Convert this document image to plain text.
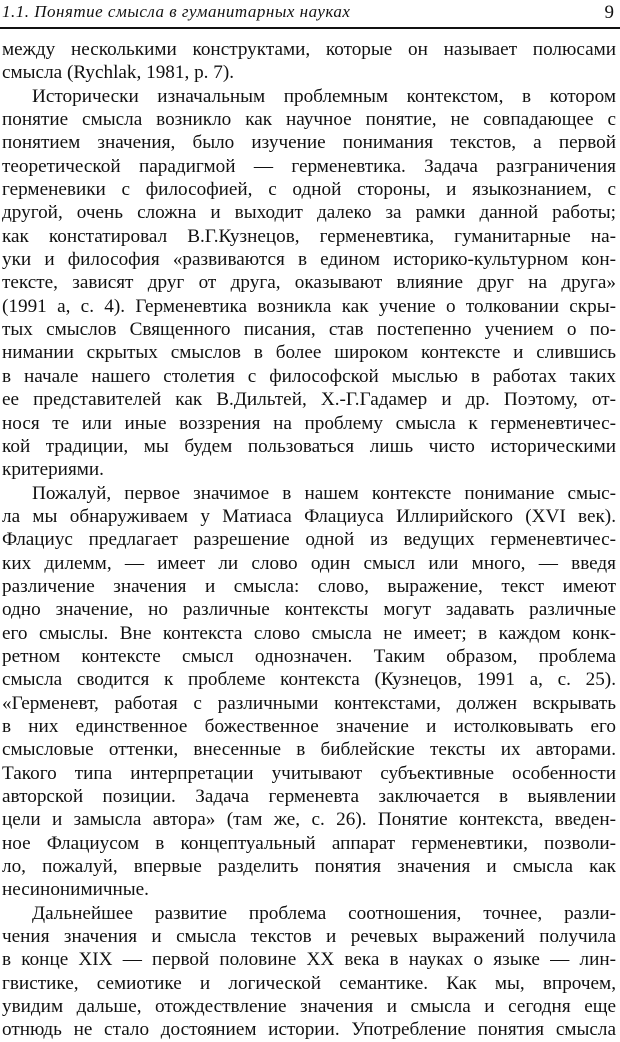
1.1. Понятие смысла в гуманитарных науках	9
между несколькими конструктами, которые он называет полюсами
смысла (Rychlak, 1981, p. 7).
Исторически изначальным проблемным контекстом, в котором
понятие смысла возникло как научное понятие, не совпадающее с
понятием значения, было изучение понимания текстов, а первой
теоретической парадигмой — герменевтика. Задача разграничения
герменевики с философией, с одной стороны, и языкознанием, с
другой, очень сложна и выходит далеко за рамки данной работы;
как констатировал В.Г.Кузнецов, герменевтика, гуманитарные на-
уки и философия «развиваются в едином историко-культурном кон-
тексте, зависят друг от друга, оказывают влияние друг на друга»
(1991 а, с. 4). Герменевтика возникла как учение о толковании скры-
тых смыслов Священного писания, став постепенно учением о по-
нимании скрытых смыслов в более широком контексте и слившись
в начале нашего столетия с философской мыслью в работах таких
ее представителей как В.Дильтей, Х.-Г.Гадамер и др. Поэтому, от-
нося те или иные воззрения на проблему смысла к герменевтичес-
кой традиции, мы будем пользоваться лишь чисто историческими
критериями.
Пожалуй, первое значимое в нашем контексте понимание смыс-
ла мы обнаруживаем у Матиаса Флациуса Иллирийского (XVI век).
Флациус предлагает разрешение одной из ведущих герменевтичес-
ких дилемм, — имеет ли слово один смысл или много, — введя
различение значения и смысла: слово, выражение, текст имеют
одно значение, но различные контексты могут задавать различные
его смыслы. Вне контекста слово смысла не имеет; в каждом конк-
ретном контексте смысл однозначен. Таким образом, проблема
смысла сводится к проблеме контекста (Кузнецов, 1991 а, с. 25).
«Герменевт, работая с различными контекстами, должен вскрывать
в них единственное божественное значение и истолковывать его
смысловые оттенки, внесенные в библейские тексты их авторами.
Такого типа интерпретации учитывают субъективные особенности
авторской позиции. Задача герменевта заключается в выявлении
цели и замысла автора» (там же, с. 26). Понятие контекста, введен-
ное Флациусом в концептуальный аппарат герменевтики, позволи-
ло, пожалуй, впервые разделить понятия значения и смысла как
несинонимичные.
Дальнейшее развитие проблема соотношения, точнее, разли-
чения значения и смысла текстов и речевых выражений получила
в конце XIX — первой половине XX века в науках о языке — лин-
гвистике, семиотике и логической семантике. Как мы, впрочем,
увидим дальше, отождествление значения и смысла и сегодня еще
отнюдь не стало достоянием истории. Употребление понятия смысла
